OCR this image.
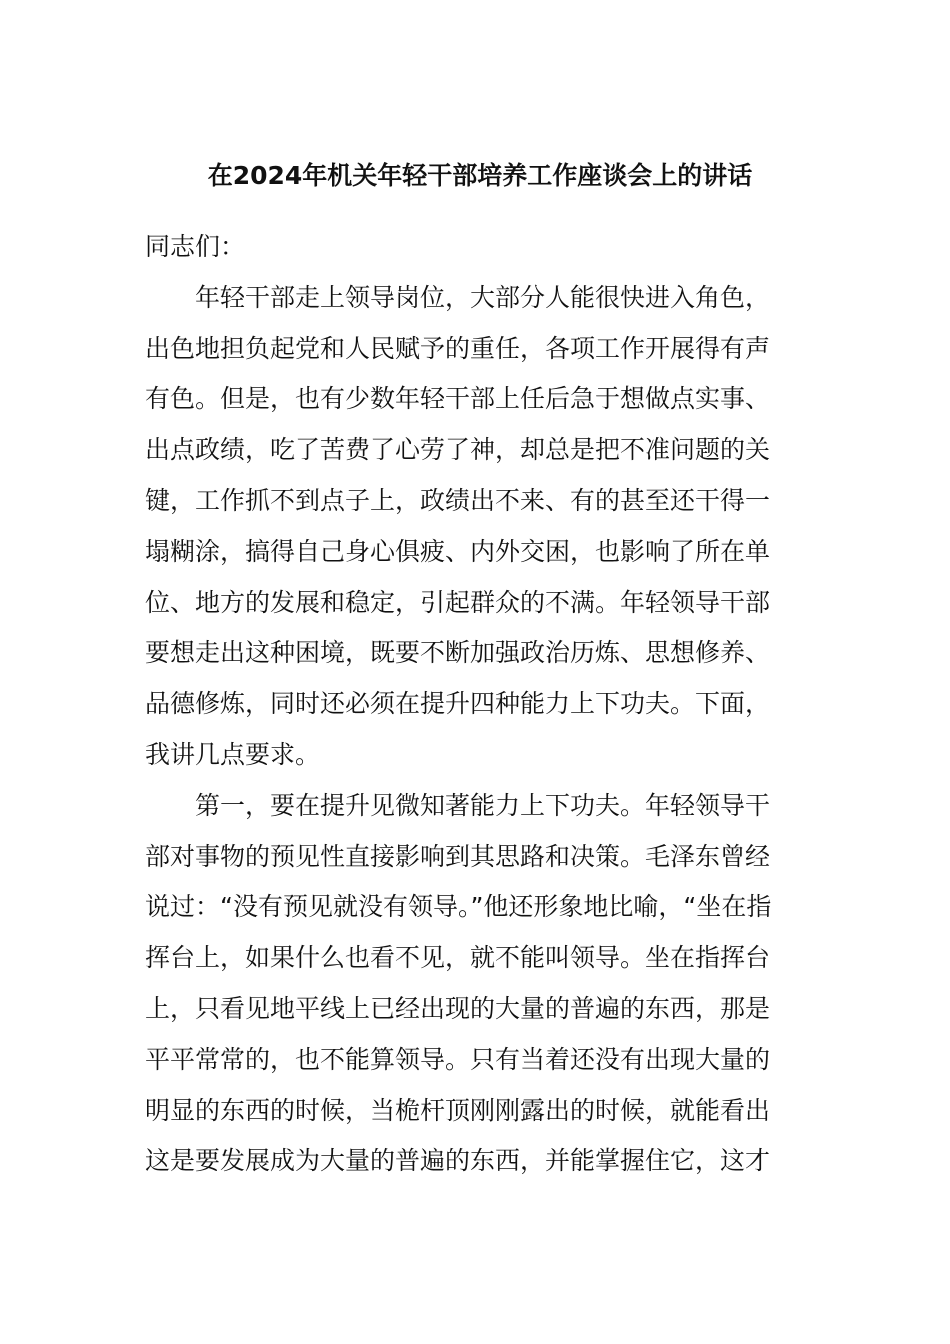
在2024年机关年轻干部培养工作座谈会上的讲话
同志们：
年轻干部走上领导岗位，大部分人能很快进入角色，
出色地担负起党和人民赋予的重任，各项工作开展得有声
有色。但是，也有少数年轻干部上任后急于想做点实事、
出点政绩，吃了苦费了心劳了神，却总是把不准问题的关
键，工作抓不到点子上，政绩出不来、有的甚至还干得一
塌糊涂，搞得自己身心俱疲、内外交困，也影响了所在单
位、地方的发展和稳定，引起群众的不满。年轻领导干部
要想走出这种困境，既要不断加强政治历炼、思想修养、
品德修炼，同时还必须在提升四种能力上下功夫。下面，
我讲几点要求。
第一，要在提升见微知著能力上下功夫。年轻领导干
部对事物的预见性直接影响到其思路和决策。毛泽东曾经
说过：“没有预见就没有领导。”他还形象地比喻，“坐在指
挥台上，如果什么也看不见，就不能叫领导。坐在指挥台
上，只看见地平线上已经出现的大量的普遍的东西，那是
平平常常的，也不能算领导。只有当着还没有出现大量的
明显的东西的时候，当桅杆顶刚刚露出的时候，就能看出
这是要发展成为大量的普遍的东西，并能掌握住它，这才
